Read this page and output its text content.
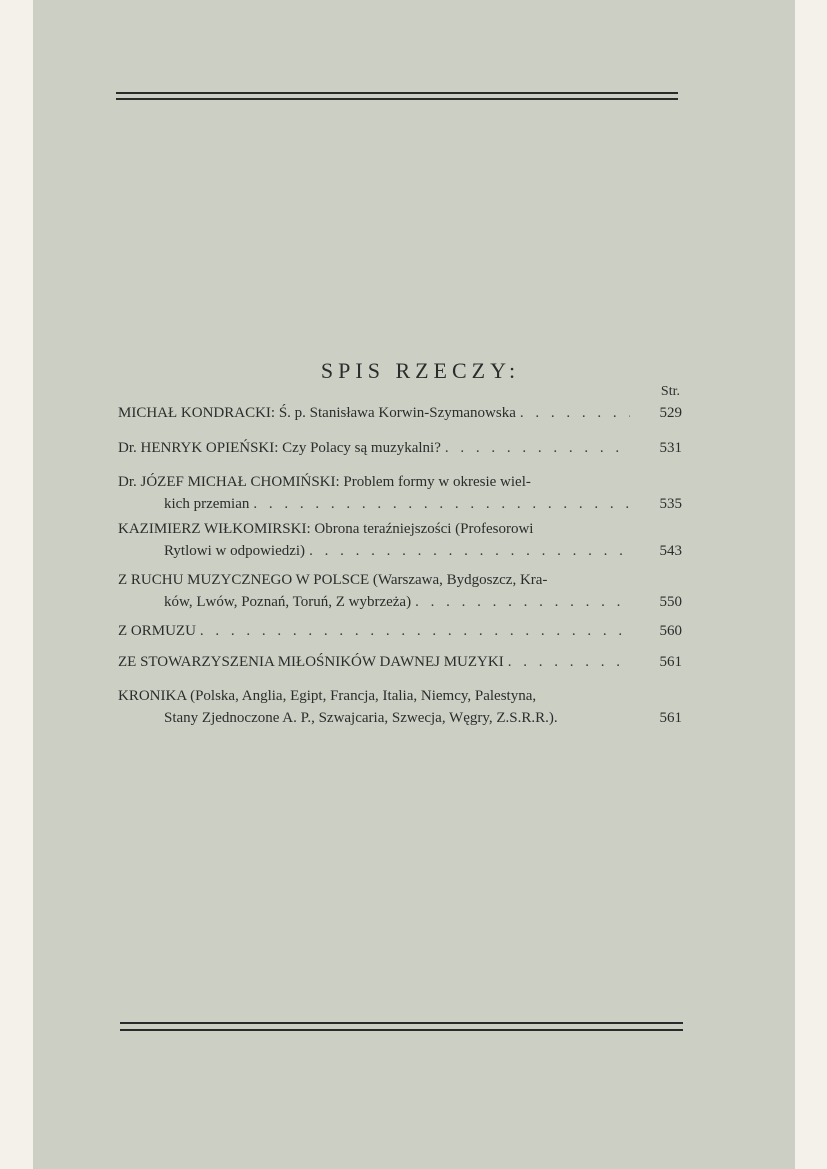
SPIS RZECZY:
Str.
MICHAŁ KONDRACKI: Ś. p. Stanisława Korwin-Szymanowska . . .	529
Dr. HENRYK OPIEŃSKI: Czy Polacy są muzykalni? . . .	531
Dr. JÓZEF MICHAŁ CHOMIŃSKI: Problem formy w okresie wiel-
kich przemian . . .	535
KAZIMIERZ WIŁKOMIRSKI: Obrona teraźniejszości (Profesorowi
Rytlowi w odpowiedzi) . . .	543
Z RUCHU MUZYCZNEGO W POLSCE (Warszawa, Bydgoszcz, Kra-
ków, Lwów, Poznań, Toruń, Z wybrzeża) . . .	550
Z ORMUZU . . .	560
ZE STOWARZYSZENIA MIŁOŚNIKÓW DAWNEJ MUZYKI . . .	561
KRONIKA (Polska, Anglia, Egipt, Francja, Italia, Niemcy, Palestyna,
Stany Zjednoczone A. P., Szwajcaria, Szwecja, Węgry, Z.S.R.R.).	561
